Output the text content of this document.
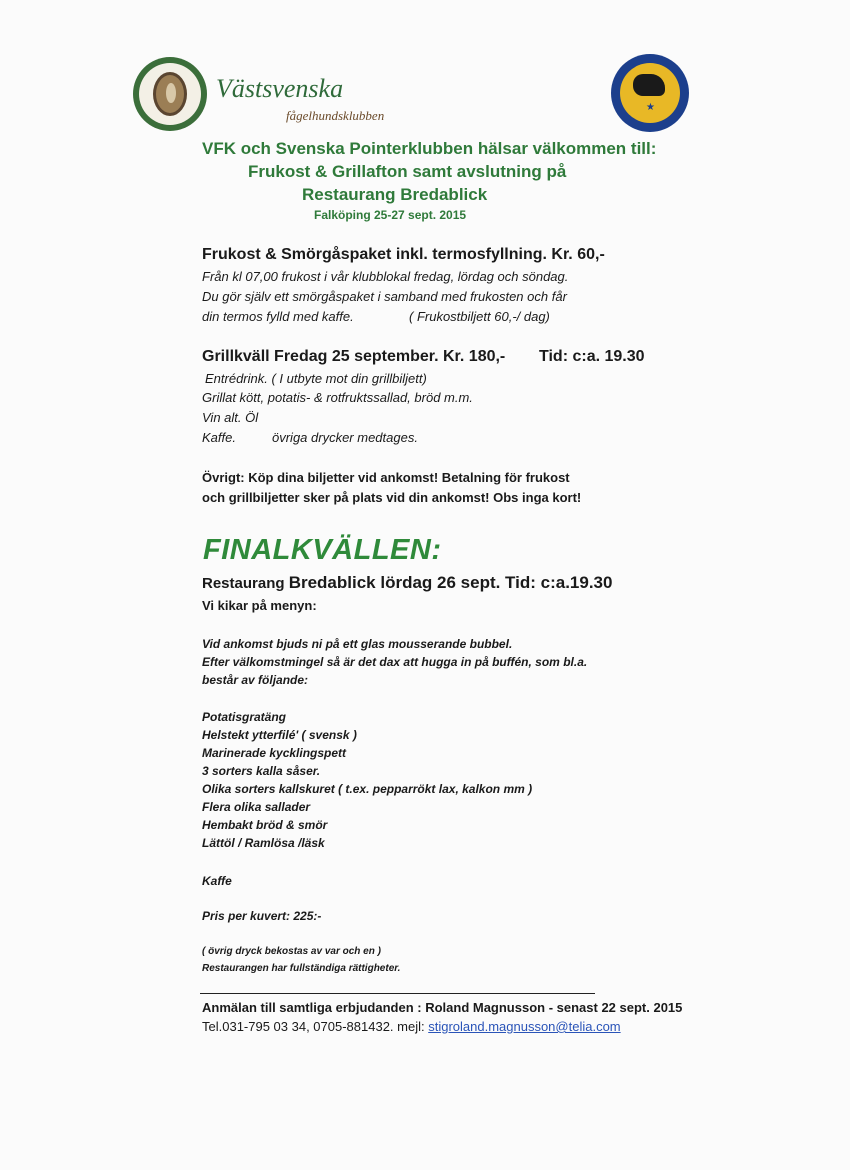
Västsvenska
fågelhundsklubben
★
VFK och Svenska Pointerklubben hälsar välkommen till:
Frukost & Grillafton samt avslutning på
Restaurang Bredablick
Falköping 25-27 sept. 2015
Frukost & Smörgåspaket inkl. termosfyllning. Kr. 60,-
Från kl 07,00 frukost i vår klubblokal fredag, lördag och söndag.
Du gör själv ett smörgåspaket i samband med frukosten och får
din termos fylld med kaffe.	( Frukostbiljett 60,-/ dag)
Grillkväll Fredag 25 september. Kr. 180,- Tid: c:a. 19.30
Entrédrink. ( I utbyte mot din grillbiljett)
Grillat kött, potatis- & rotfruktssallad, bröd m.m.
Vin alt. Öl
Kaffe.	övriga drycker medtages.
Övrigt: Köp dina biljetter vid ankomst! Betalning för frukost
och grillbiljetter sker på plats vid din ankomst! Obs inga kort!
FINALKVÄLLEN:
Restaurang Bredablick lördag 26 sept. Tid: c:a.19.30
Vi kikar på menyn:
Vid ankomst bjuds ni på ett glas mousserande bubbel.
Efter välkomstmingel så är det dax att hugga in på buffén, som bl.a.
består av följande:
Potatisgratäng
Helstekt ytterfilé' ( svensk )
Marinerade kycklingspett
3 sorters kalla såser.
Olika sorters kallskuret ( t.ex. pepparrökt lax, kalkon mm )
Flera olika sallader
Hembakt bröd & smör
Lättöl / Ramlösa /läsk
Kaffe
Pris per kuvert: 225:-
( övrig dryck bekostas av var och en )
Restaurangen har fullständiga rättigheter.
Anmälan till samtliga erbjudanden : Roland Magnusson - senast 22 sept. 2015
Tel.031-795 03 34, 0705-881432. mejl: stigroland.magnusson@telia.com
